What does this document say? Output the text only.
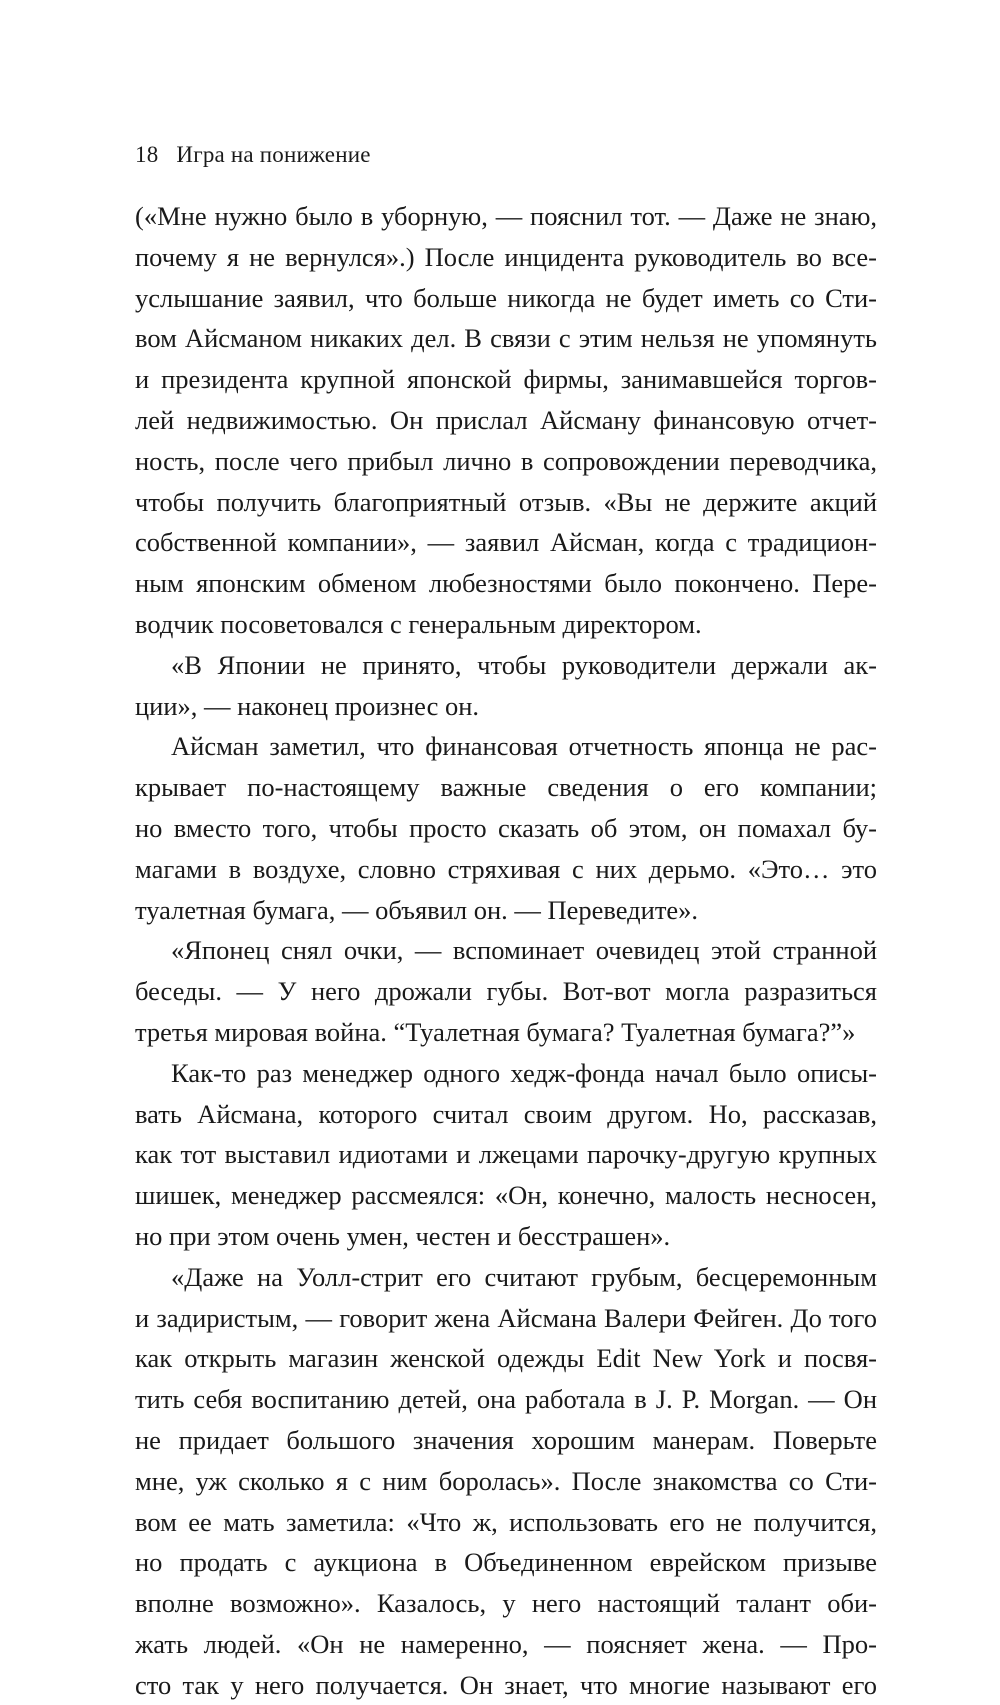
18 Игра на понижение
(«Мне нужно было в уборную, — пояснил тот. — Даже не знаю,
почему я не вернулся».) После инцидента руководитель во все-
услышание заявил, что больше никогда не будет иметь со Сти-
вом Айсманом никаких дел. В связи с этим нельзя не упомянуть
и президента крупной японской фирмы, занимавшейся торгов-
лей недвижимостью. Он прислал Айсману финансовую отчет-
ность, после чего прибыл лично в сопровождении переводчика,
чтобы получить благоприятный отзыв. «Вы не держите акций
собственной компании», — заявил Айсман, когда с традицион-
ным японским обменом любезностями было покончено. Пере-
водчик посоветовался с генеральным директором.
«В Японии не принято, чтобы руководители держали ак-
ции», — наконец произнес он.
Айсман заметил, что финансовая отчетность японца не рас-
крывает по-настоящему важные сведения о его компании;
но вместо того, чтобы просто сказать об этом, он помахал бу-
магами в воздухе, словно стряхивая с них дерьмо. «Это… это
туалетная бумага, — объявил он. — Переведите».
«Японец снял очки, — вспоминает очевидец этой странной
беседы. — У него дрожали губы. Вот-вот могла разразиться
третья мировая война. “Туалетная бумага? Туалетная бумага?”»
Как-то раз менеджер одного хедж-фонда начал было описы-
вать Айсмана, которого считал своим другом. Но, рассказав,
как тот выставил идиотами и лжецами парочку-другую крупных
шишек, менеджер рассмеялся: «Он, конечно, малость несносен,
но при этом очень умен, честен и бесстрашен».
«Даже на Уолл-стрит его считают грубым, бесцеремонным
и задиристым, — говорит жена Айсмана Валери Фейген. До того
как открыть магазин женской одежды Edit New York и посвя-
тить себя воспитанию детей, она работала в J. P. Morgan. — Он
не придает большого значения хорошим манерам. Поверьте
мне, уж сколько я с ним боролась». После знакомства со Сти-
вом ее мать заметила: «Что ж, использовать его не получится,
но продать с аукциона в Объединенном еврейском призыве
вполне возможно». Казалось, у него настоящий талант оби-
жать людей. «Он не намеренно, — поясняет жена. — Про-
сто так у него получается. Он знает, что многие называют его
